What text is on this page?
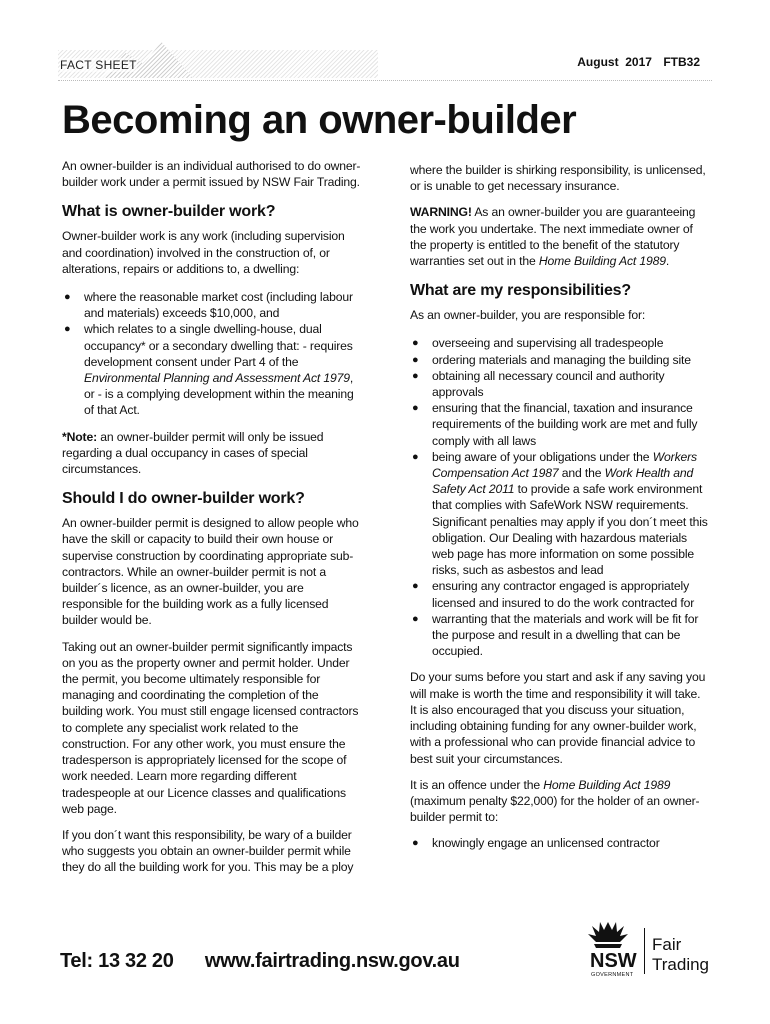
FACT SHEET	August  2017 FTB32
Becoming an owner-builder

An owner-builder is an individual authorised to do owner-builder work under a permit issued by NSW Fair Trading.

What is owner-builder work?

Owner-builder work is any work (including supervision and coordination) involved in the construction of, or alterations, repairs or additions to, a dwelling:

● where the reasonable market cost (including labour and materials) exceeds $10,000, and
● which relates to a single dwelling-house, dual occupancy* or a secondary dwelling that: - requires development consent under Part 4 of the Environmental Planning and Assessment Act 1979, or - is a complying development within the meaning of that Act.

*Note: an owner-builder permit will only be issued regarding a dual occupancy in cases of special circumstances.

Should I do owner-builder work?

An owner-builder permit is designed to allow people who have the skill or capacity to build their own house or supervise construction by coordinating appropriate sub-contractors. While an owner-builder permit is not a builder´s licence, as an owner-builder, you are responsible for the building work as a fully licensed builder would be.

Taking out an owner-builder permit significantly impacts on you as the property owner and permit holder. Under the permit, you become ultimately responsible for managing and coordinating the completion of the building work. You must still engage licensed contractors to complete any specialist work related to the construction. For any other work, you must ensure the tradesperson is appropriately licensed for the scope of work needed. Learn more regarding different tradespeople at our Licence classes and qualifications web page.

If you don´t want this responsibility, be wary of a builder who suggests you obtain an owner-builder permit while they do all the building work for you. This may be a ploy

where the builder is shirking responsibility, is unlicensed, or is unable to get necessary insurance.

WARNING! As an owner-builder you are guaranteeing the work you undertake. The next immediate owner of the property is entitled to the benefit of the statutory warranties set out in the Home Building Act 1989.

What are my responsibilities?

As an owner-builder, you are responsible for:

● overseeing and supervising all tradespeople
● ordering materials and managing the building site
● obtaining all necessary council and authority approvals
● ensuring that the financial, taxation and insurance requirements of the building work are met and fully comply with all laws
● being aware of your obligations under the Workers Compensation Act 1987 and the Work Health and Safety Act 2011 to provide a safe work environment that complies with SafeWork NSW requirements. Significant penalties may apply if you don´t meet this obligation. Our Dealing with hazardous materials web page has more information on some possible risks, such as asbestos and lead
● ensuring any contractor engaged is appropriately licensed and insured to do the work contracted for
● warranting that the materials and work will be fit for the purpose and result in a dwelling that can be occupied.

Do your sums before you start and ask if any saving you will make is worth the time and responsibility it will take. It is also encouraged that you discuss your situation, including obtaining funding for any owner-builder work, with a professional who can provide financial advice to best suit your circumstances.

It is an offence under the Home Building Act 1989 (maximum penalty $22,000) for the holder of an owner-builder permit to:

● knowingly engage an unlicensed contractor
Tel: 13 32 20 www.fairtrading.nsw.gov.au	NSW
GOVERNMENT
Fair
Trading
